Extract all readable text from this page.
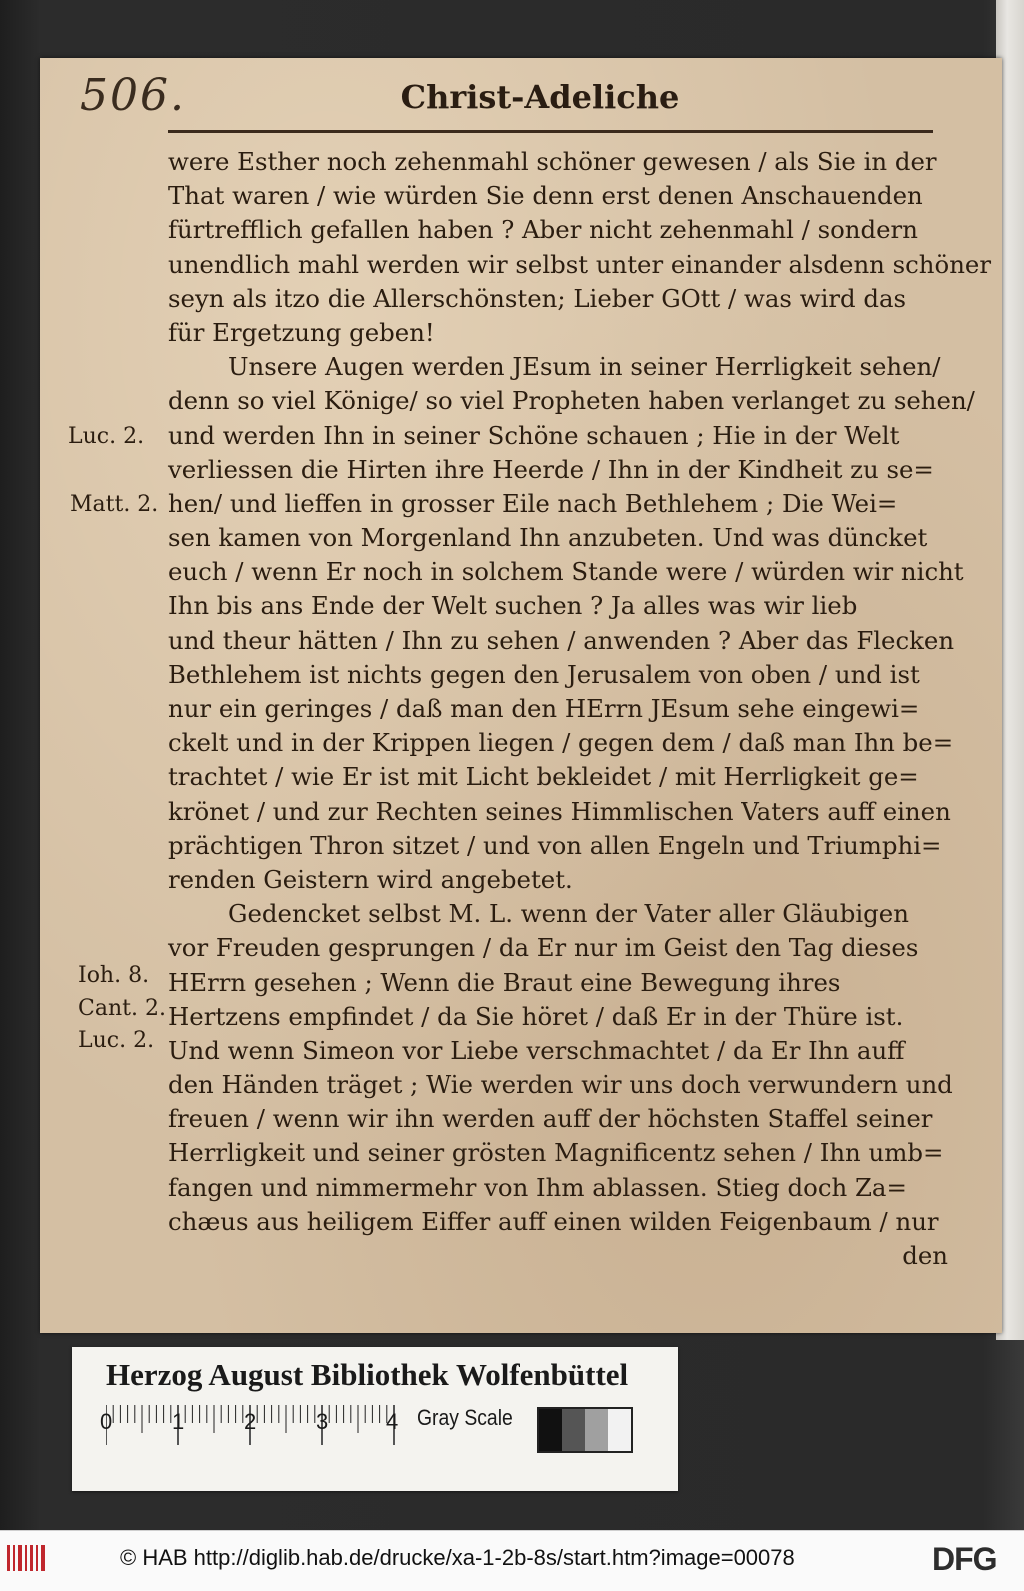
506.	Christ-Adeliche
were Esther noch zehenmahl schöner gewesen / als Sie in der
That waren / wie würden Sie denn erst denen Anschauenden
fürtrefflich gefallen haben ? Aber nicht zehenmahl / sondern
unendlich mahl werden wir selbst unter einander alsdenn schöner
seyn als itzo die Allerschönsten; Lieber GOtt / was wird das
für Ergetzung geben!
Unsere Augen werden JEsum in seiner Herrligkeit sehen/
denn so viel Könige/ so viel Propheten haben verlanget zu sehen/
und werden Ihn in seiner Schöne schauen ; Hie in der Welt
verliessen die Hirten ihre Heerde / Ihn in der Kindheit zu se=
hen/ und lieffen in grosser Eile nach Bethlehem ; Die Wei=
sen kamen von Morgenland Ihn anzubeten. Und was düncket
euch / wenn Er noch in solchem Stande were / würden wir nicht
Ihn bis ans Ende der Welt suchen ? Ja alles was wir lieb
und theur hätten / Ihn zu sehen / anwenden ? Aber das Flecken
Bethlehem ist nichts gegen den Jerusalem von oben / und ist
nur ein geringes / daß man den HErrn JEsum sehe eingewi=
ckelt und in der Krippen liegen / gegen dem / daß man Ihn be=
trachtet / wie Er ist mit Licht bekleidet / mit Herrligkeit ge=
krönet / und zur Rechten seines Himmlischen Vaters auff einen
prächtigen Thron sitzet / und von allen Engeln und Triumphi=
renden Geistern wird angebetet.
Gedencket selbst M. L. wenn der Vater aller Gläubigen
vor Freuden gesprungen / da Er nur im Geist den Tag dieses
HErrn gesehen ; Wenn die Braut eine Bewegung ihres
Hertzens empfindet / da Sie höret / daß Er in der Thüre ist.
Und wenn Simeon vor Liebe verschmachtet / da Er Ihn auff
den Händen träget ; Wie werden wir uns doch verwundern und
freuen / wenn wir ihn werden auff der höchsten Staffel seiner
Herrligkeit und seiner grösten Magnificentz sehen / Ihn umb=
fangen und nimmermehr von Ihm ablassen. Stieg doch Za=
chæus aus heiligem Eiffer auff einen wilden Feigenbaum / nur
den
Luc. 2.
Matt. 2.
Ioh. 8.
Cant. 2.
Luc. 2.
Herzog August Bibliothek Wolfenbüttel
0	1	2	3	4 Gray Scale
© HAB http://diglib.hab.de/drucke/xa-1-2b-8s/start.htm?image=00078	DFG
